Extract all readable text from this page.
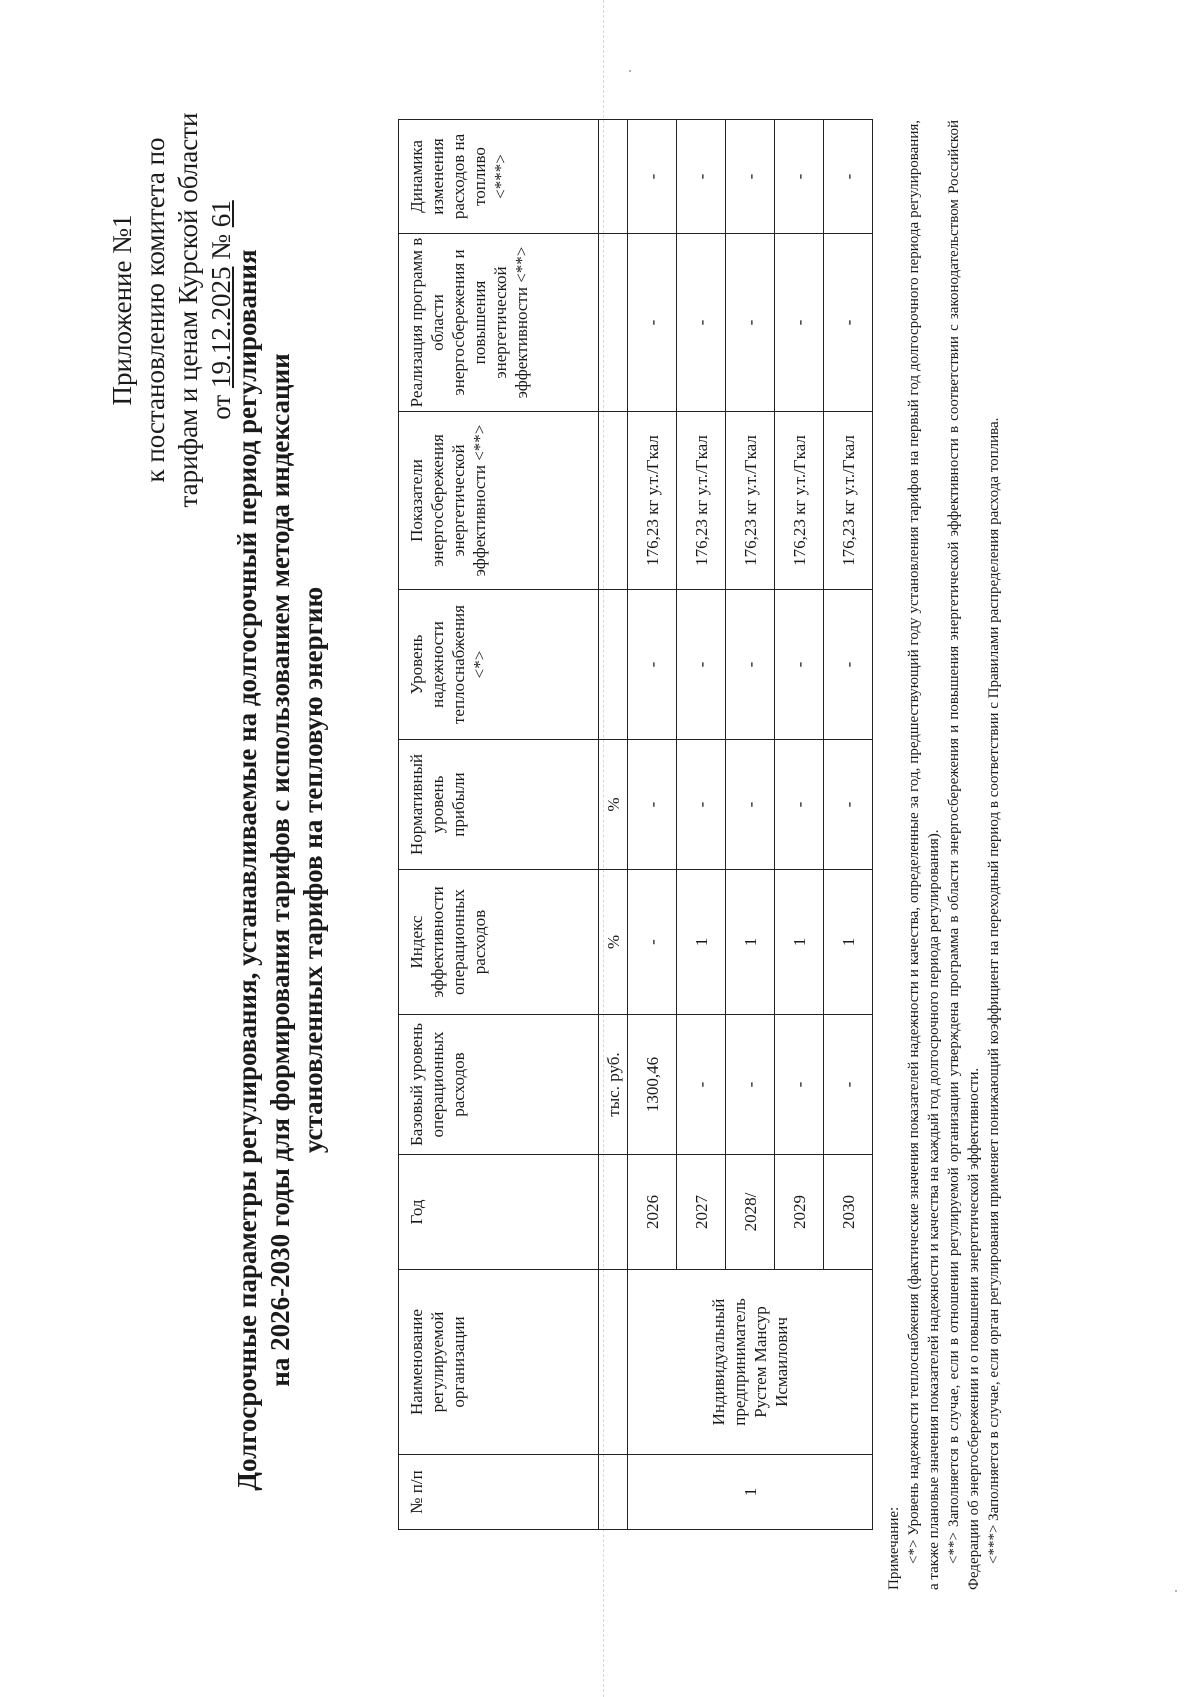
Приложение №1 к постановлению комитета по тарифам и ценам Курской области от 19.12.2025 № 61
Долгосрочные параметры регулирования, устанавливаемые на долгосрочный период регулирования на 2026-2030 годы для формирования тарифов с использованием метода индексации установленных тарифов на тепловую энергию
№ п/п	Наименование регулируемой организации	Год	Базовый уровень операционных расходов	Индекс эффективности операционных расходов	Нормативный уровень прибыли	Уровень надежности теплоснабжения <*>	Показатели энергосбережения энергетической эффективности <**>	Реализация программ в области энергосбережения и повышения энергетической эффективности <**>	Динамика изменения расходов на топливо <***>
			тыс. руб.	%	%				
1	Индивидуальный предприниматель Рустем Мансур Исмаилович	2026	1300,46	-	-	-	176,23 кг у.т./Гкал	-	-
		2027	-	1	-	-	176,23 кг у.т./Гкал	-	-
		2028/	-	1	-	-	176,23 кг у.т./Гкал	-	-
		2029	-	1	-	-	176,23 кг у.т./Гкал	-	-
		2030	-	1	-	-	176,23 кг у.т./Гкал	-	-

Примечание: <*> Уровень надежности теплоснабжения (фактические значения показателей надежности и качества, определенные за год, предшествующий году установления тарифов на первый год долгосрочного периода регулирования, а также плановые значения показателей надежности и качества на каждый год долгосрочного периода регулирования). <**> Заполняется в случае, если в отношении регулируемой организации утверждена программа в области энергосбережения и повышения энергетической эффективности в соответствии с законодательством Российской Федерации об энергосбережении и о повышении энергетической эффективности. <***> Заполняется в случае, если орган регулирования применяет понижающий коэффициент на переходный период в соответствии с Правилами распределения расхода топлива.
